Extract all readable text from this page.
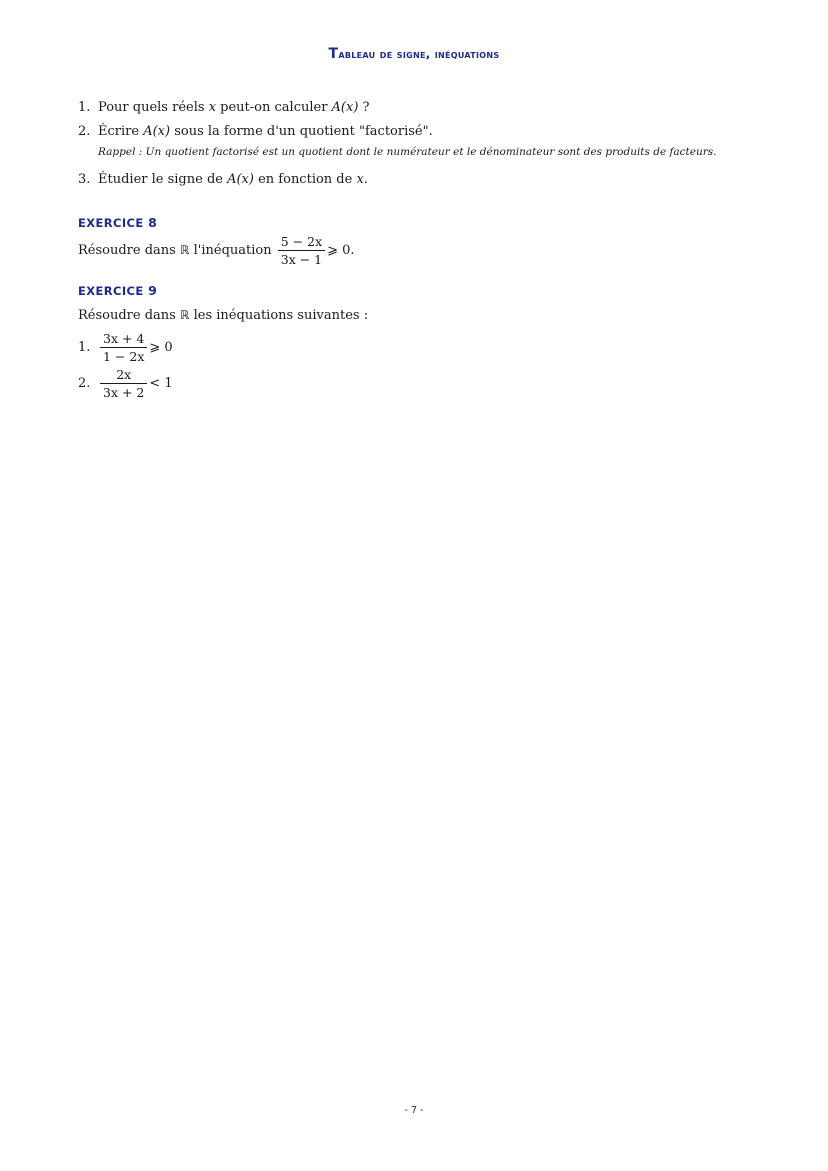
Tableau de signe, inéquations
1. Pour quels réels x peut-on calculer A(x) ?
2. Écrire A(x) sous la forme d'un quotient "factorisé".
Rappel : Un quotient factorisé est un quotient dont le numérateur et le dénominateur sont des produits de facteurs.
3. Étudier le signe de A(x) en fonction de x.
EXERCICE 8
Résoudre dans ℝ l'inéquation $\frac{5 - 2x}{3x - 1}$ ⩾ 0.
EXERCICE 9
Résoudre dans ℝ les inéquations suivantes :
1. $\frac{3x + 4}{1 - 2x}$ ⩾ 0
2. $\frac{2x}{3x + 2} < 1$
- 7 -
